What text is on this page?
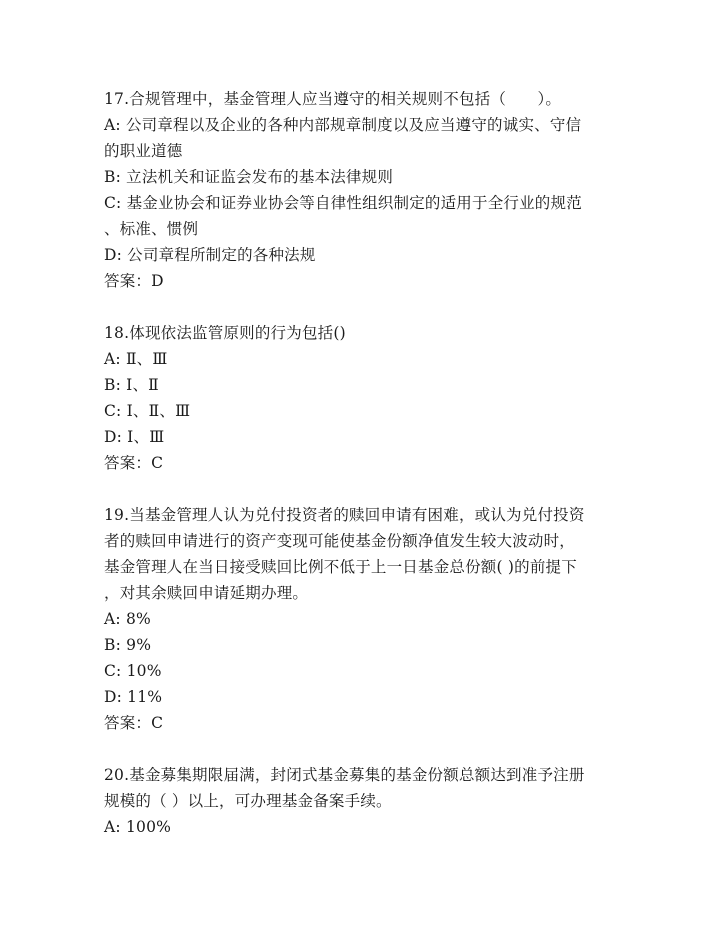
17.合规管理中，基金管理人应当遵守的相关规则不包括（　　）。
A: 公司章程以及企业的各种内部规章制度以及应当遵守的诚实、守信
的职业道德
B: 立法机关和证监会发布的基本法律规则
C: 基金业协会和证券业协会等自律性组织制定的适用于全行业的规范
、标准、惯例
D: 公司章程所制定的各种法规
答案：D
18.体现依法监管原则的行为包括()
A: Ⅱ、Ⅲ
B: Ⅰ、Ⅱ
C: Ⅰ、Ⅱ、Ⅲ
D: Ⅰ、Ⅲ
答案：C
19.当基金管理人认为兑付投资者的赎回申请有困难，或认为兑付投资
者的赎回申请进行的资产变现可能使基金份额净值发生较大波动时，
基金管理人在当日接受赎回比例不低于上一日基金总份额( )的前提下
，对其余赎回申请延期办理。
A: 8%
B: 9%
C: 10%
D: 11%
答案：C
20.基金募集期限届满，封闭式基金募集的基金份额总额达到准予注册
规模的（ ）以上，可办理基金备案手续。
A: 100%
